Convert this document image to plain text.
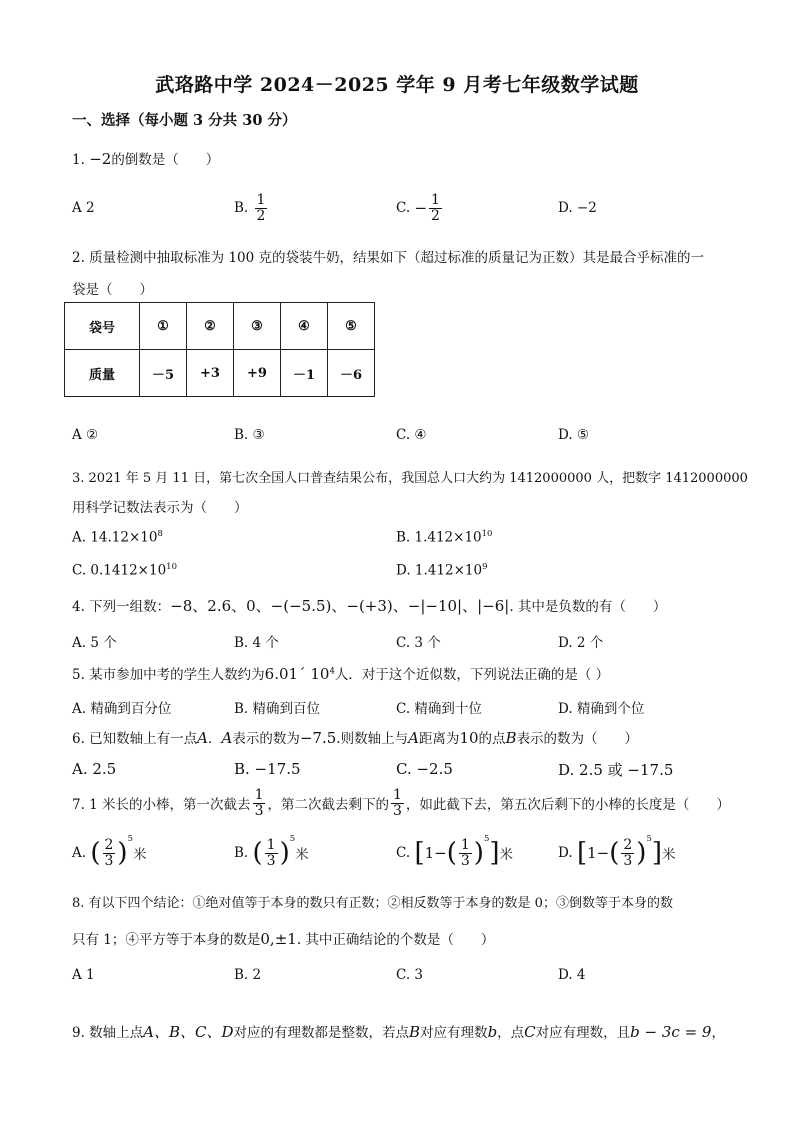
武珞路中学 2024－2025 学年 9 月考七年级数学试题
一、选择（每小题 3 分共 30 分）
1. −2的倒数是（　　）
A 2	B.
$\frac{1}{2}$	C.
− $\frac{1}{2}$	D. −2
2. 质量检测中抽取标准为 100 克的袋装牛奶，结果如下（超过标准的质量记为正数）其是最合乎标准的一
袋是（　　）
袋号	①	②	③	④	⑤
质量	－5	+3	+9	－1	－6
A ②	B. ③	C. ④	D. ⑤
3. 2021 年 5 月 11 日，第七次全国人口普查结果公布，我国总人口大约为 1412000000 人，把数字 1412000000
用科学记数法表示为（　　）
A. $14.12\times 10^8$	B. $1.412\times 10^{10}$
C. $0.1412\times 10^{10}$	D. $1.412\times 10^9$
4. 下列一组数：−8、2.6、0、−(−5.5)、−(+3)、−|−10|、|−6|. 其中是负数的有（　　）
A. 5 个	B. 4 个	C. 3 个	D. 2 个
5. 某市参加中考的学生人数约为6.01´ $10^4$人．对于这个近似数，下列说法正确的是（ ）
A. 精确到百分位	B. 精确到百位	C. 精确到十位	D. 精确到个位
6. 已知数轴上有一点A．A表示的数为−7.5.则数轴上与A距离为10的点B表示的数为（　　）
A. 2.5	B. −17.5	C. −2.5	D. 2.5 或 −17.5
7. 1 米长的小棒，第一次截去 $\frac{1}{3}$ ，第二次截去剩下的 $\frac{1}{3}$ ，如此截下去，第五次后剩下的小棒的长度是（　　）
A.
( $\frac{2}{3} )^5$
米	B.
( $\frac{1}{3} )^5$
米	C.
[ 1− ( $\frac{1}{3} )^5$ ] 米	D.
[ 1− ( $\frac{2}{3} )^5$ ] 米
8. 有以下四个结论：①绝对值等于本身的数只有正数；②相反数等于本身的数是 0；③倒数等于本身的数
只有 1；④平方等于本身的数是0,±1. 其中正确结论的个数是（　　）
A 1	B. 2	C. 3	D. 4
9. 数轴上点A、B、C、D对应的有理数都是整数，若点B对应有理数b，点C对应有理数，且b − 3c = 9，
